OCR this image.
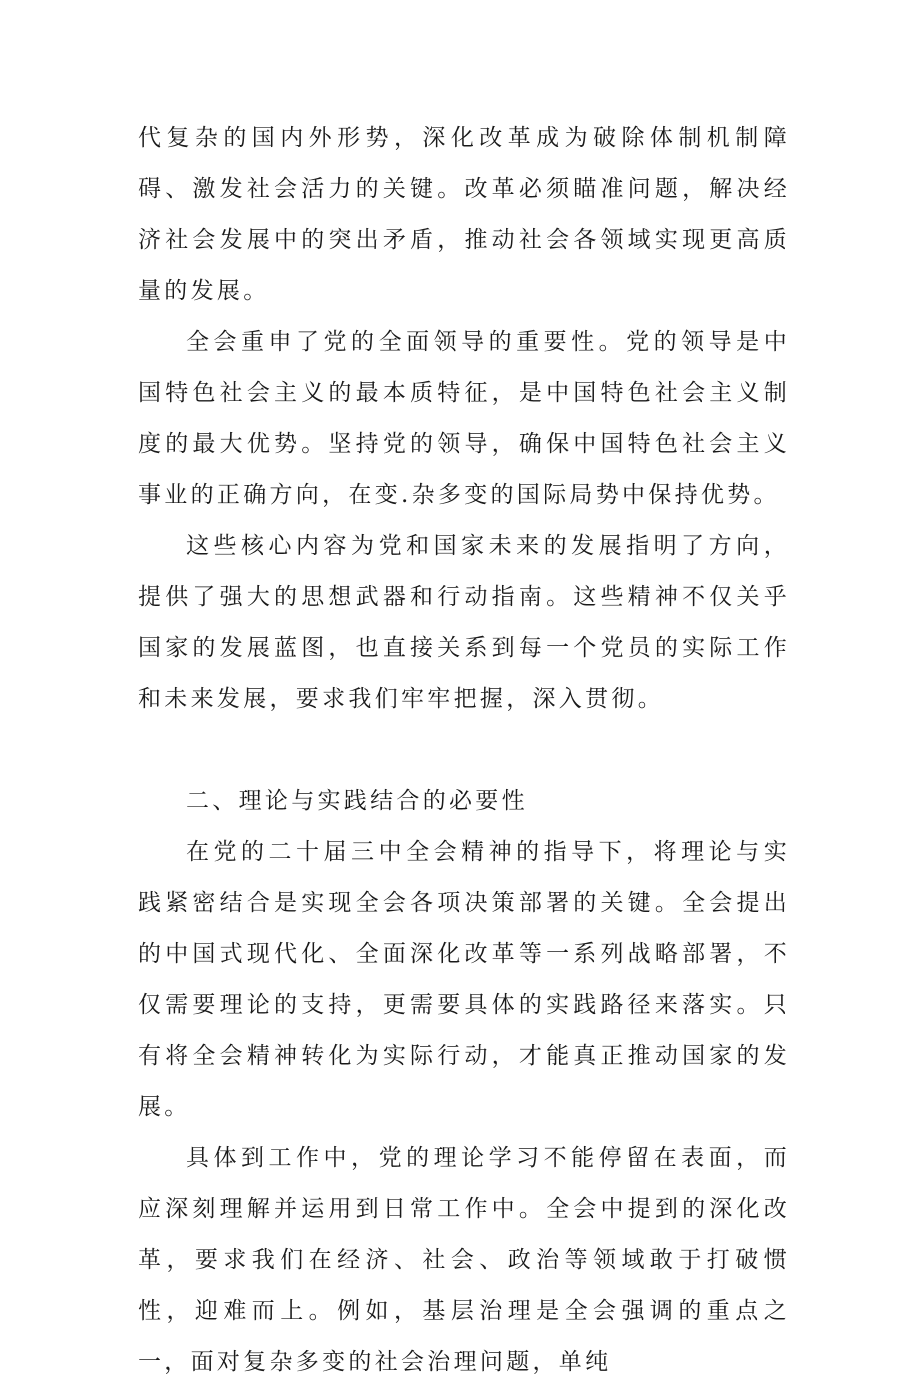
代复杂的国内外形势，深化改革成为破除体制机制障碍、激发社会活力的关键。改革必须瞄准问题，解决经济社会发展中的突出矛盾，推动社会各领域实现更高质量的发展。

全会重申了党的全面领导的重要性。党的领导是中国特色社会主义的最本质特征，是中国特色社会主义制度的最大优势。坚持党的领导，确保中国特色社会主义事业的正确方向，在变.杂多变的国际局势中保持优势。

这些核心内容为党和国家未来的发展指明了方向，提供了强大的思想武器和行动指南。这些精神不仅关乎国家的发展蓝图，也直接关系到每一个党员的实际工作和未来发展，要求我们牢牢把握，深入贯彻。

二、理论与实践结合的必要性

在党的二十届三中全会精神的指导下，将理论与实践紧密结合是实现全会各项决策部署的关键。全会提出的中国式现代化、全面深化改革等一系列战略部署，不仅需要理论的支持，更需要具体的实践路径来落实。只有将全会精神转化为实际行动，才能真正推动国家的发展。

具体到工作中，党的理论学习不能停留在表面，而应深刻理解并运用到日常工作中。全会中提到的深化改革，要求我们在经济、社会、政治等领域敢于打破惯性，迎难而上。例如，基层治理是全会强调的重点之一，面对复杂多变的社会治理问题，单纯
